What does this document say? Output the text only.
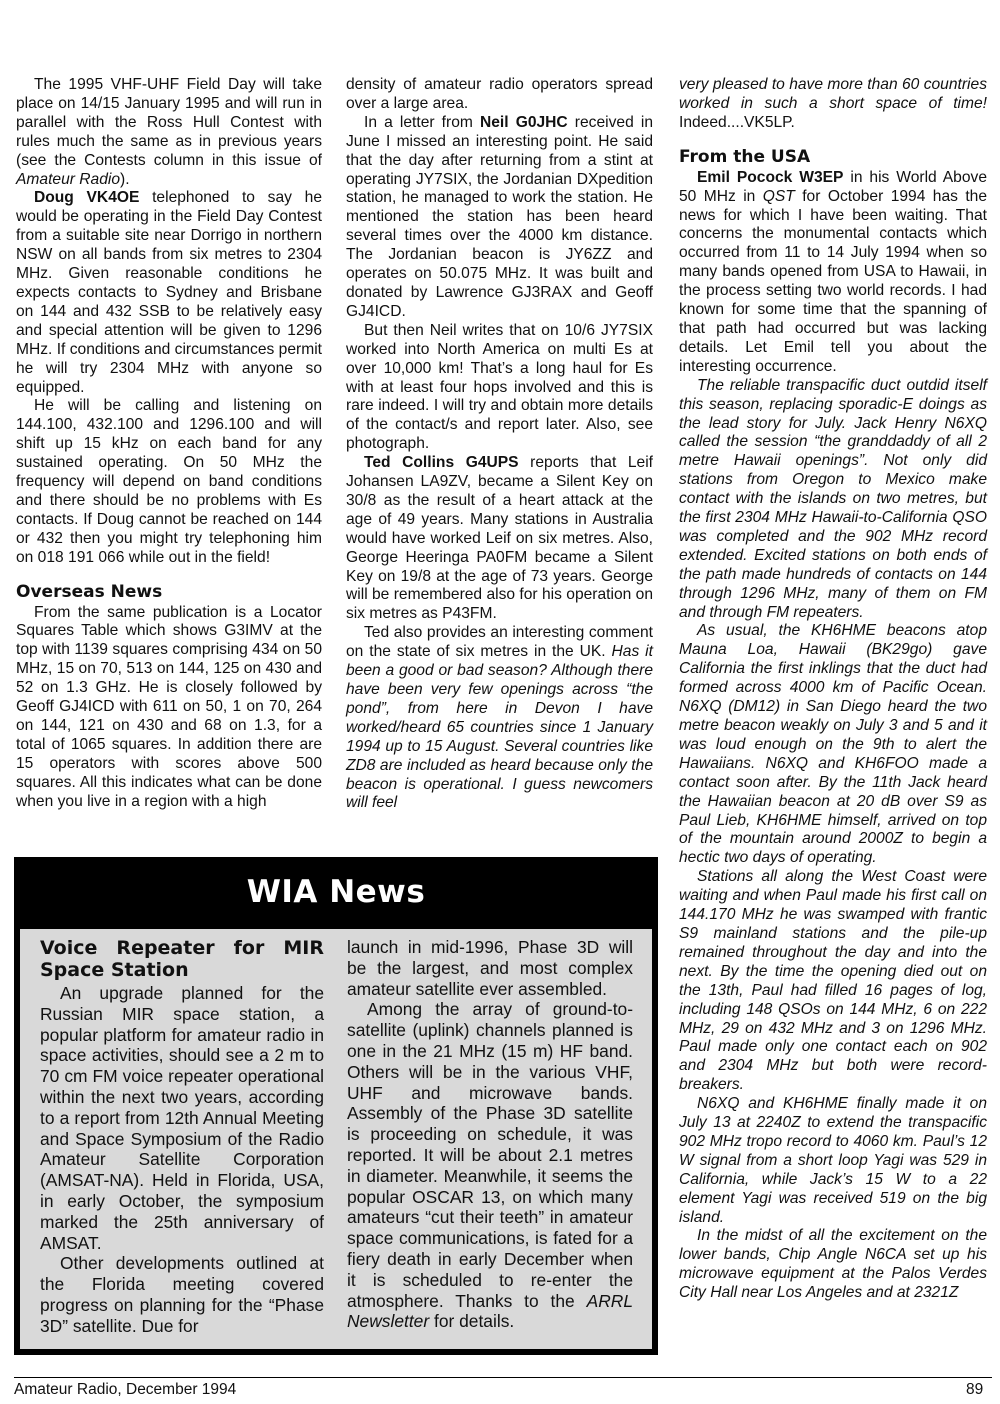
The 1995 VHF-UHF Field Day will take place on 14/15 January 1995 and will run in parallel with the Ross Hull Contest with rules much the same as in previous years (see the Contests column in this issue of Amateur Radio).

Doug VK4OE telephoned to say he would be operating in the Field Day Contest from a suitable site near Dorrigo in northern NSW on all bands from six metres to 2304 MHz. Given reasonable conditions he expects contacts to Sydney and Brisbane on 144 and 432 SSB to be relatively easy and special attention will be given to 1296 MHz. If conditions and circumstances permit he will try 2304 MHz with anyone so equipped.

He will be calling and listening on 144.100, 432.100 and 1296.100 and will shift up 15 kHz on each band for any sustained operating. On 50 MHz the frequency will depend on band conditions and there should be no problems with Es contacts. If Doug cannot be reached on 144 or 432 then you might try telephoning him on 018 191 066 while out in the field!

Overseas News

From the same publication is a Locator Squares Table which shows G3IMV at the top with 1139 squares comprising 434 on 50 MHz, 15 on 70, 513 on 144, 125 on 430 and 52 on 1.3 GHz. He is closely followed by Geoff GJ4ICD with 611 on 50, 1 on 70, 264 on 144, 121 on 430 and 68 on 1.3, for a total of 1065 squares. In addition there are 15 operators with scores above 500 squares. All this indicates what can be done when you live in a region with a high

density of amateur radio operators spread over a large area.

In a letter from Neil G0JHC received in June I missed an interesting point. He said that the day after returning from a stint at operating JY7SIX, the Jordanian DXpedition station, he managed to work the station. He mentioned the station has been heard several times over the 4000 km distance. The Jordanian beacon is JY6ZZ and operates on 50.075 MHz. It was built and donated by Lawrence GJ3RAX and Geoff GJ4ICD.

But then Neil writes that on 10/6 JY7SIX worked into North America on multi Es at over 10,000 km! That’s a long haul for Es with at least four hops involved and this is rare indeed. I will try and obtain more details of the contact/s and report later. Also, see photograph.

Ted Collins G4UPS reports that Leif Johansen LA9ZV, became a Silent Key on 30/8 as the result of a heart attack at the age of 49 years. Many stations in Australia would have worked Leif on six metres. Also, George Heeringa PA0FM became a Silent Key on 19/8 at the age of 73 years. George will be remembered also for his operation on six metres as P43FM.

Ted also provides an interesting comment on the state of six metres in the UK. Has it been a good or bad season? Although there have been very few openings across “the pond”, from here in Devon I have worked/heard 65 countries since 1 January 1994 up to 15 August. Several countries like ZD8 are included as heard because only the beacon is operational. I guess newcomers will feel

very pleased to have more than 60 countries worked in such a short space of time! Indeed....VK5LP.

From the USA

Emil Pocock W3EP in his World Above 50 MHz in QST for October 1994 has the news for which I have been waiting. That concerns the monumental contacts which occurred from 11 to 14 July 1994 when so many bands opened from USA to Hawaii, in the process setting two world records. I had known for some time that the spanning of that path had occurred but was lacking details. Let Emil tell you about the interesting occurrence.

The reliable transpacific duct outdid itself this season, replacing sporadic-E doings as the lead story for July. Jack Henry N6XQ called the session “the granddaddy of all 2 metre Hawaii openings”. Not only did stations from Oregon to Mexico make contact with the islands on two metres, but the first 2304 MHz Hawaii-to-California QSO was completed and the 902 MHz record extended. Excited stations on both ends of the path made hundreds of contacts on 144 through 1296 MHz, many of them on FM and through FM repeaters.

As usual, the KH6HME beacons atop Mauna Loa, Hawaii (BK29go) gave California the first inklings that the duct had formed across 4000 km of Pacific Ocean. N6XQ (DM12) in San Diego heard the two metre beacon weakly on July 3 and 5 and it was loud enough on the 9th to alert the Hawaiians. N6XQ and KH6FOO made a contact soon after. By the 11th Jack heard the Hawaiian beacon at 20 dB over S9 as Paul Lieb, KH6HME himself, arrived on top of the mountain around 2000Z to begin a hectic two days of operating.

Stations all along the West Coast were waiting and when Paul made his first call on 144.170 MHz he was swamped with frantic S9 mainland stations and the pile-up remained throughout the day and into the next. By the time the opening died out on the 13th, Paul had filled 16 pages of log, including 148 QSOs on 144 MHz, 6 on 222 MHz, 29 on 432 MHz and 3 on 1296 MHz. Paul made only one contact each on 902 and 2304 MHz but both were record-breakers.

N6XQ and KH6HME finally made it on July 13 at 2240Z to extend the transpacific 902 MHz tropo record to 4060 km. Paul’s 12 W signal from a short loop Yagi was 529 in California, while Jack’s 15 W to a 22 element Yagi was received 519 on the big island.

In the midst of all the excitement on the lower bands, Chip Angle N6CA set up his microwave equipment at the Palos Verdes City Hall near Los Angeles and at 2321Z

WIA News
Voice Repeater for MIR Space Station

An upgrade planned for the Russian MIR space station, a popular platform for amateur radio in space activities, should see a 2 m to 70 cm FM voice repeater operational within the next two years, according to a report from 12th Annual Meeting and Space Symposium of the Radio Amateur Satellite Corporation (AMSAT-NA). Held in Florida, USA, in early October, the symposium marked the 25th anniversary of AMSAT.

Other developments outlined at the Florida meeting covered progress on planning for the “Phase 3D” satellite. Due for

launch in mid-1996, Phase 3D will be the largest, and most complex amateur satellite ever assembled.

Among the array of ground-to-satellite (uplink) channels planned is one in the 21 MHz (15 m) HF band. Others will be in the various VHF, UHF and microwave bands. Assembly of the Phase 3D satellite is proceeding on schedule, it was reported. It will be about 2.1 metres in diameter. Meanwhile, it seems the popular OSCAR 13, on which many amateurs “cut their teeth” in amateur space communications, is fated for a fiery death in early December when it is scheduled to re-enter the atmosphere. Thanks to the ARRL Newsletter for details.

Amateur Radio, December 1994	89
